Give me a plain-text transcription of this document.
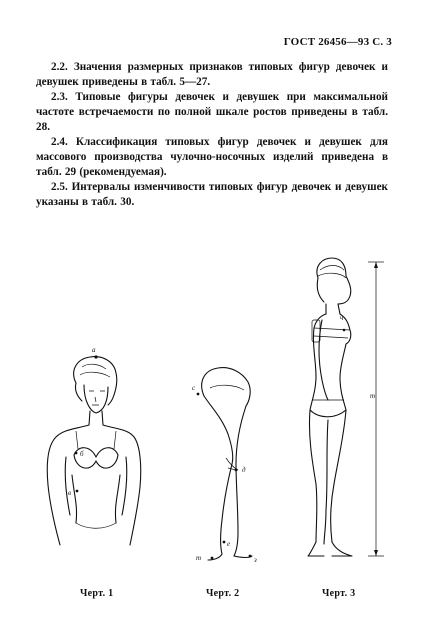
ГОСТ 26456—93 С. 3

2.2. Значения размерных признаков типовых фигур девочек и девушек приведены в табл. 5—27.

2.3. Типовые фигуры девочек и девушек при максимальной частоте встречаемости по полной шкале ростов приведены в табл. 28.

2.4. Классификация типовых фигур девочек и девушек для массового производства чулочно-носочных изделий приведена в табл. 29 (рекомендуемая).

2.5. Интервалы изменчивости типовых фигур девочек и девушек указаны в табл. 30.

а
б
в
с
д
е
з
т
т
ч
Черт. 1	Черт. 2	Черт. 3
